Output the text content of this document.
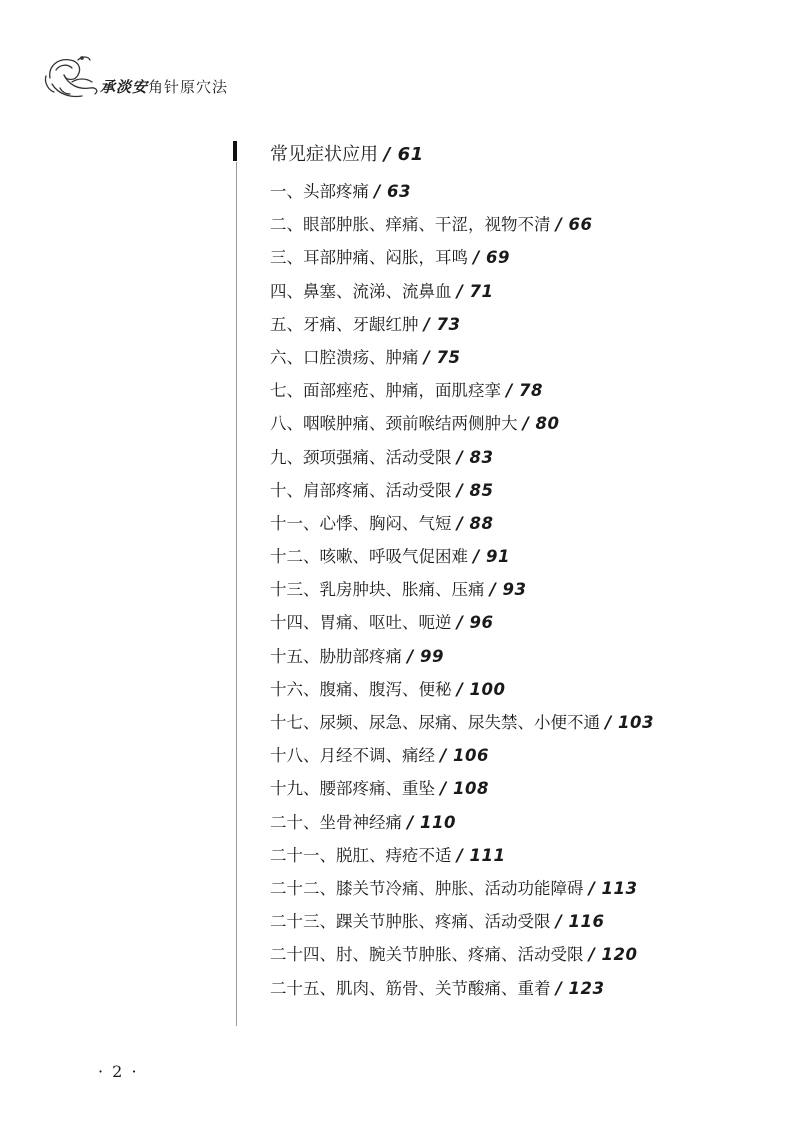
承淡安角针原穴法
常见症状应用 / 61
一、头部疼痛 / 63
二、眼部肿胀、痒痛、干涩，视物不清 / 66
三、耳部肿痛、闷胀，耳鸣 / 69
四、鼻塞、流涕、流鼻血 / 71
五、牙痛、牙龈红肿 / 73
六、口腔溃疡、肿痛 / 75
七、面部痤疮、肿痛，面肌痉挛 / 78
八、咽喉肿痛、颈前喉结两侧肿大 / 80
九、颈项强痛、活动受限 / 83
十、肩部疼痛、活动受限 / 85
十一、心悸、胸闷、气短 / 88
十二、咳嗽、呼吸气促困难 / 91
十三、乳房肿块、胀痛、压痛 / 93
十四、胃痛、呕吐、呃逆 / 96
十五、胁肋部疼痛 / 99
十六、腹痛、腹泻、便秘 / 100
十七、尿频、尿急、尿痛、尿失禁、小便不通 / 103
十八、月经不调、痛经 / 106
十九、腰部疼痛、重坠 / 108
二十、坐骨神经痛 / 110
二十一、脱肛、痔疮不适 / 111
二十二、膝关节冷痛、肿胀、活动功能障碍 / 113
二十三、踝关节肿胀、疼痛、活动受限 / 116
二十四、肘、腕关节肿胀、疼痛、活动受限 / 120
二十五、肌肉、筋骨、关节酸痛、重着 / 123
· 2 ·
